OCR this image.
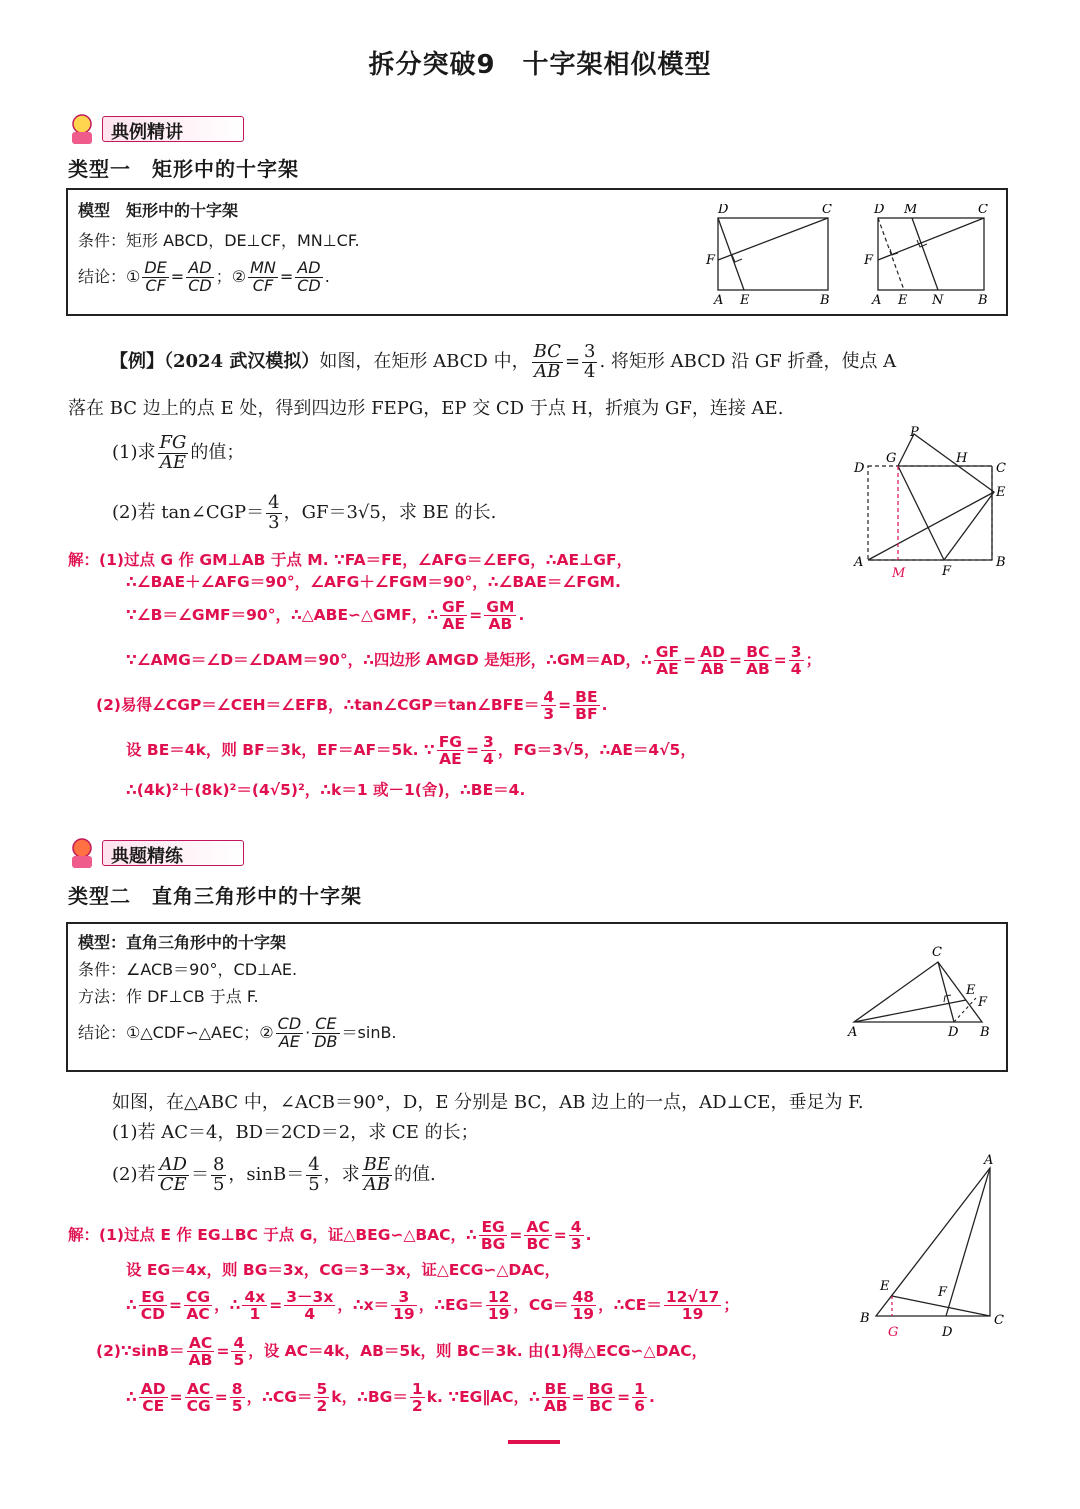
拆分突破9　十字架相似模型
典例精讲
类型一　矩形中的十字架
模型　矩形中的十字架
条件：矩形 ABCD，DE⊥CF，MN⊥CF.
结论：① $\frac{DE}{CF} = \frac{AD}{CD}$ ；② $\frac{MN}{CF} = \frac{AD}{CD}$ .
D	C
F
A E	B
D M	C
F
A E N	B
【例】（2024 武汉模拟）如图，在矩形 ABCD 中， $\frac{BC}{AB} = \frac{3}{4}$ . 将矩形 ABCD 沿 GF 折叠，使点 A
落在 BC 边上的点 E 处，得到四边形 FEPG，EP 交 CD 于点 H，折痕为 GF，连接 AE.
(1)求 $\frac{FG}{AE}$ 的值；
(2)若 tan∠CGP＝ $\frac{4}{3}$ ，GF＝3√5，求 BE 的长.
P
D
G	H
C
E
A
M	F
B
解：(1)过点 G 作 GM⊥AB 于点 M. ∵FA＝FE，∠AFG＝∠EFG，∴AE⊥GF，
∴∠BAE＋∠AFG＝90°，∠AFG＋∠FGM＝90°，∴∠BAE＝∠FGM.
∵∠B＝∠GMF＝90°，∴△ABE∽△GMF，∴ $\frac{GF}{AE} = \frac{GM}{AB}$ .
∵∠AMG＝∠D＝∠DAM＝90°，∴四边形 AMGD 是矩形，∴GM＝AD，∴ $\frac{GF}{AE} = \frac{AD}{AB} = \frac{BC}{AB} = \frac{3}{4}$ ；
(2)易得∠CGP＝∠CEH＝∠EFB，∴tan∠CGP＝tan∠BFE＝ $\frac{4}{3} = \frac{BE}{BF}$ .
设 BE＝4k，则 BF＝3k，EF＝AF＝5k. ∵ $\frac{FG}{AE} = \frac{3}{4}$ ，FG＝3√5，∴AE＝4√5，
∴(4k)²＋(8k)²＝(4√5)²，∴k＝1 或－1(舍)，∴BE＝4.
典题精练
类型二　直角三角形中的十字架
模型：直角三角形中的十字架
条件：∠ACB＝90°，CD⊥AE.
方法：作 DF⊥CB 于点 F.
结论：①△CDF∽△AEC；② $\frac{CD}{AE} \cdot \frac{CE}{DB} =\sin B$.
C
E
F
A	D B
如图，在△ABC 中，∠ACB＝90°，D，E 分别是 BC，AB 边上的一点，AD⊥CE，垂足为 F.
(1)若 AC＝4，BD＝2CD＝2，求 CE 的长；
(2)若 $\frac{AD}{CE} = \frac{8}{5}$ ，$\sin B= \frac{4}{5}$ ，求 $\frac{BE}{AB}$ 的值.
A
E	F
B
G	D
C
解：(1)过点 E 作 EG⊥BC 于点 G，证△BEG∽△BAC，∴ $\frac{EG}{BG} = \frac{AC}{BC} = \frac{4}{3}$ .
设 EG＝4x，则 BG＝3x，CG＝3－3x，证△ECG∽△DAC，
∴ $\frac{EG}{CD} = \frac{CG}{AC}$ ，∴ $\frac{4x}{1} = \frac{3-3x}{4}$ ，∴x＝ $\frac{3}{19}$ ，∴EG＝ $\frac{12}{19}$ ，$CG= \frac{48}{19}$ ，∴CE＝ $\frac{12√17}{19}$ ；
(2)∵sinB＝ $\frac{AC}{AB} = \frac{4}{5}$ ，设 AC＝4k，AB＝5k，则 BC＝3k. 由(1)得△ECG∽△DAC，
∴ $\frac{AD}{CE} = \frac{AC}{CG} = \frac{8}{5}$ ，∴CG＝ $\frac{5}{2}$ k，∴BG＝ $\frac{1}{2} k$. ∵EG∥AC，∴ $\frac{BE}{AB} = \frac{BG}{BC} = \frac{1}{6}$ .
